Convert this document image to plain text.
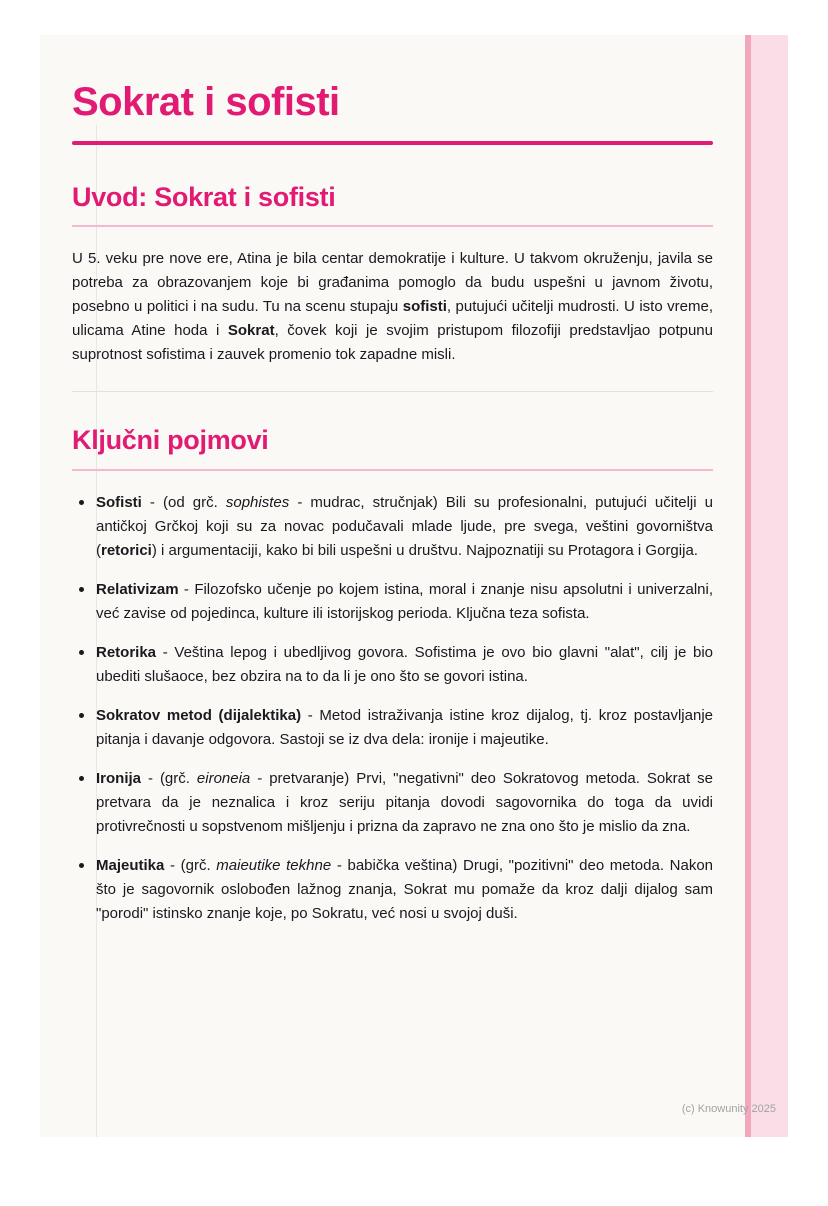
Sokrat i sofisti
Uvod: Sokrat i sofisti

U 5. veku pre nove ere, Atina je bila centar demokratije i kulture. U takvom okruženju, javila se potreba za obrazovanjem koje bi građanima pomoglo da budu uspešni u javnom životu, posebno u politici i na sudu. Tu na scenu stupaju sofisti, putujući učitelji mudrosti. U isto vreme, ulicama Atine hoda i Sokrat, čovek koji je svojim pristupom filozofiji predstavljao potpunu suprotnost sofistima i zauvek promenio tok zapadne misli.

Ključni pojmovi
Sofisti - (od grč. sophistes - mudrac, stručnjak) Bili su profesionalni, putujući učitelji u antičkoj Grčkoj koji su za novac podučavali mlade ljude, pre svega, veštini govorništva (retorici) i argumentaciji, kako bi bili uspešni u društvu. Najpoznatiji su Protagora i Gorgija.
Relativizam - Filozofsko učenje po kojem istina, moral i znanje nisu apsolutni i univerzalni, već zavise od pojedinca, kulture ili istorijskog perioda. Ključna teza sofista.
Retorika - Veština lepog i ubedljivog govora. Sofistima je ovo bio glavni "alat", cilj je bio ubediti slušaoce, bez obzira na to da li je ono što se govori istina.
Sokratov metod (dijalektika) - Metod istraživanja istine kroz dijalog, tj. kroz postavljanje pitanja i davanje odgovora. Sastoji se iz dva dela: ironije i majeutike.
Ironija - (grč. eironeia - pretvaranje) Prvi, "negativni" deo Sokratovog metoda. Sokrat se pretvara da je neznalica i kroz seriju pitanja dovodi sagovornika do toga da uvidi protivrečnosti u sopstvenom mišljenju i prizna da zapravo ne zna ono što je mislio da zna.
Majeutika - (grč. maieutike tekhne - babička veština) Drugi, "pozitivni" deo metoda. Nakon što je sagovornik oslobođen lažnog znanja, Sokrat mu pomaže da kroz dalji dijalog sam "porodi" istinsko znanje koje, po Sokratu, već nosi u svojoj duši.
(c) Knowunity 2025
